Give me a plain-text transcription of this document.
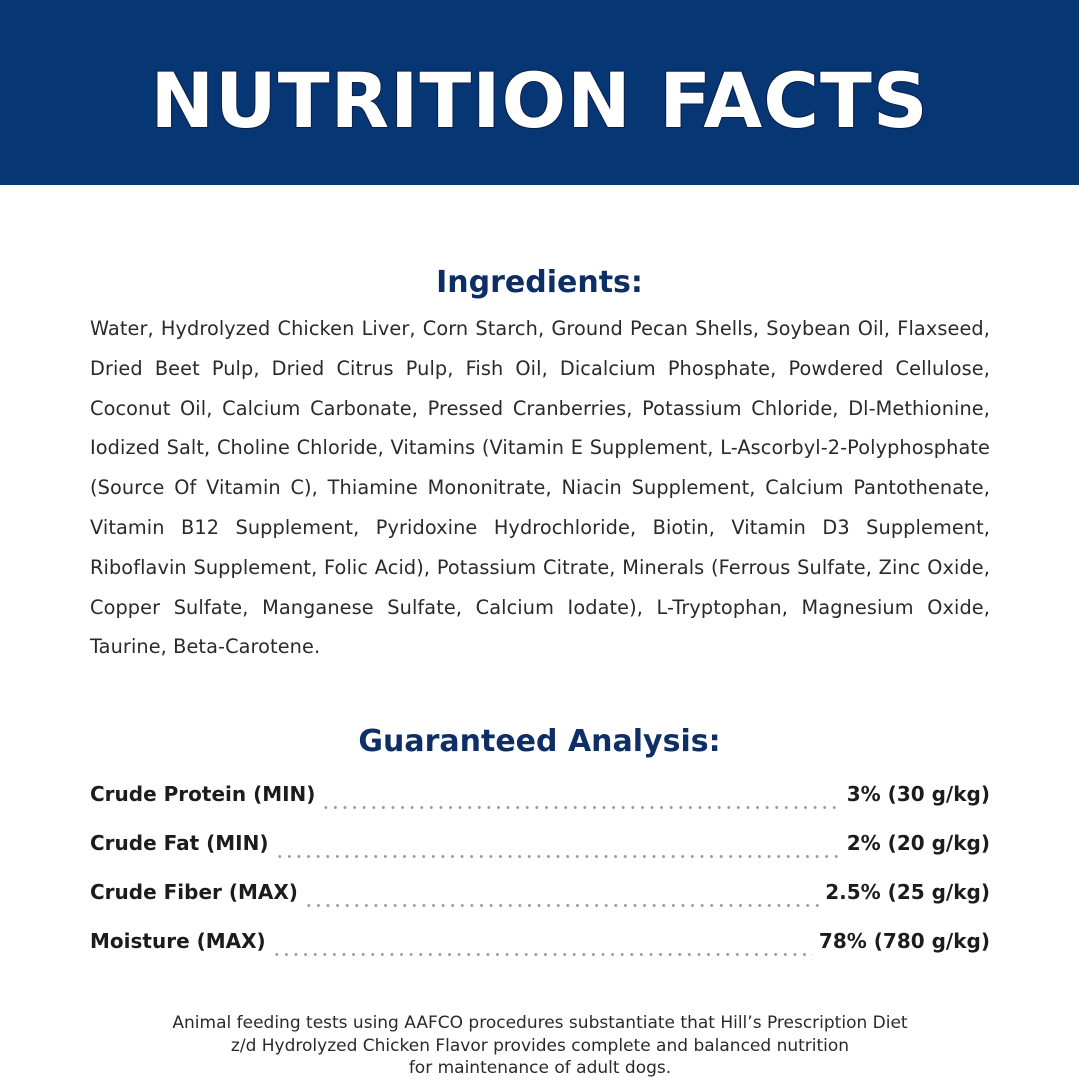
NUTRITION FACTS
Ingredients:
Water, Hydrolyzed Chicken Liver, Corn Starch, Ground Pecan Shells, Soybean Oil, Flaxseed, Dried Beet Pulp, Dried Citrus Pulp, Fish Oil, Dicalcium Phosphate, Powdered Cellulose, Coconut Oil, Calcium Carbonate, Pressed Cranberries, Potassium Chloride, Dl-Methionine, Iodized Salt, Choline Chloride, Vitamins (Vitamin E Supplement, L-Ascorbyl-2-Polyphosphate (Source Of Vitamin C), Thiamine Mononitrate, Niacin Supplement, Calcium Pantothenate, Vitamin B12 Supplement, Pyridoxine Hydrochloride, Biotin, Vitamin D3 Supplement, Riboflavin Supplement, Folic Acid), Potassium Citrate, Minerals (Ferrous Sulfate, Zinc Oxide, Copper Sulfate, Manganese Sulfate, Calcium Iodate), L-Tryptophan, Magnesium Oxide, Taurine, Beta-Carotene.
Guaranteed Analysis:
Crude Protein (MIN)	3% (30 g/kg)
Crude Fat (MIN)	2% (20 g/kg)
Crude Fiber (MAX)	2.5% (25 g/kg)
Moisture (MAX)	78% (780 g/kg)
Animal feeding tests using AAFCO procedures substantiate that Hill’s Prescription Diet
z/d Hydrolyzed Chicken Flavor provides complete and balanced nutrition
for maintenance of adult dogs.
